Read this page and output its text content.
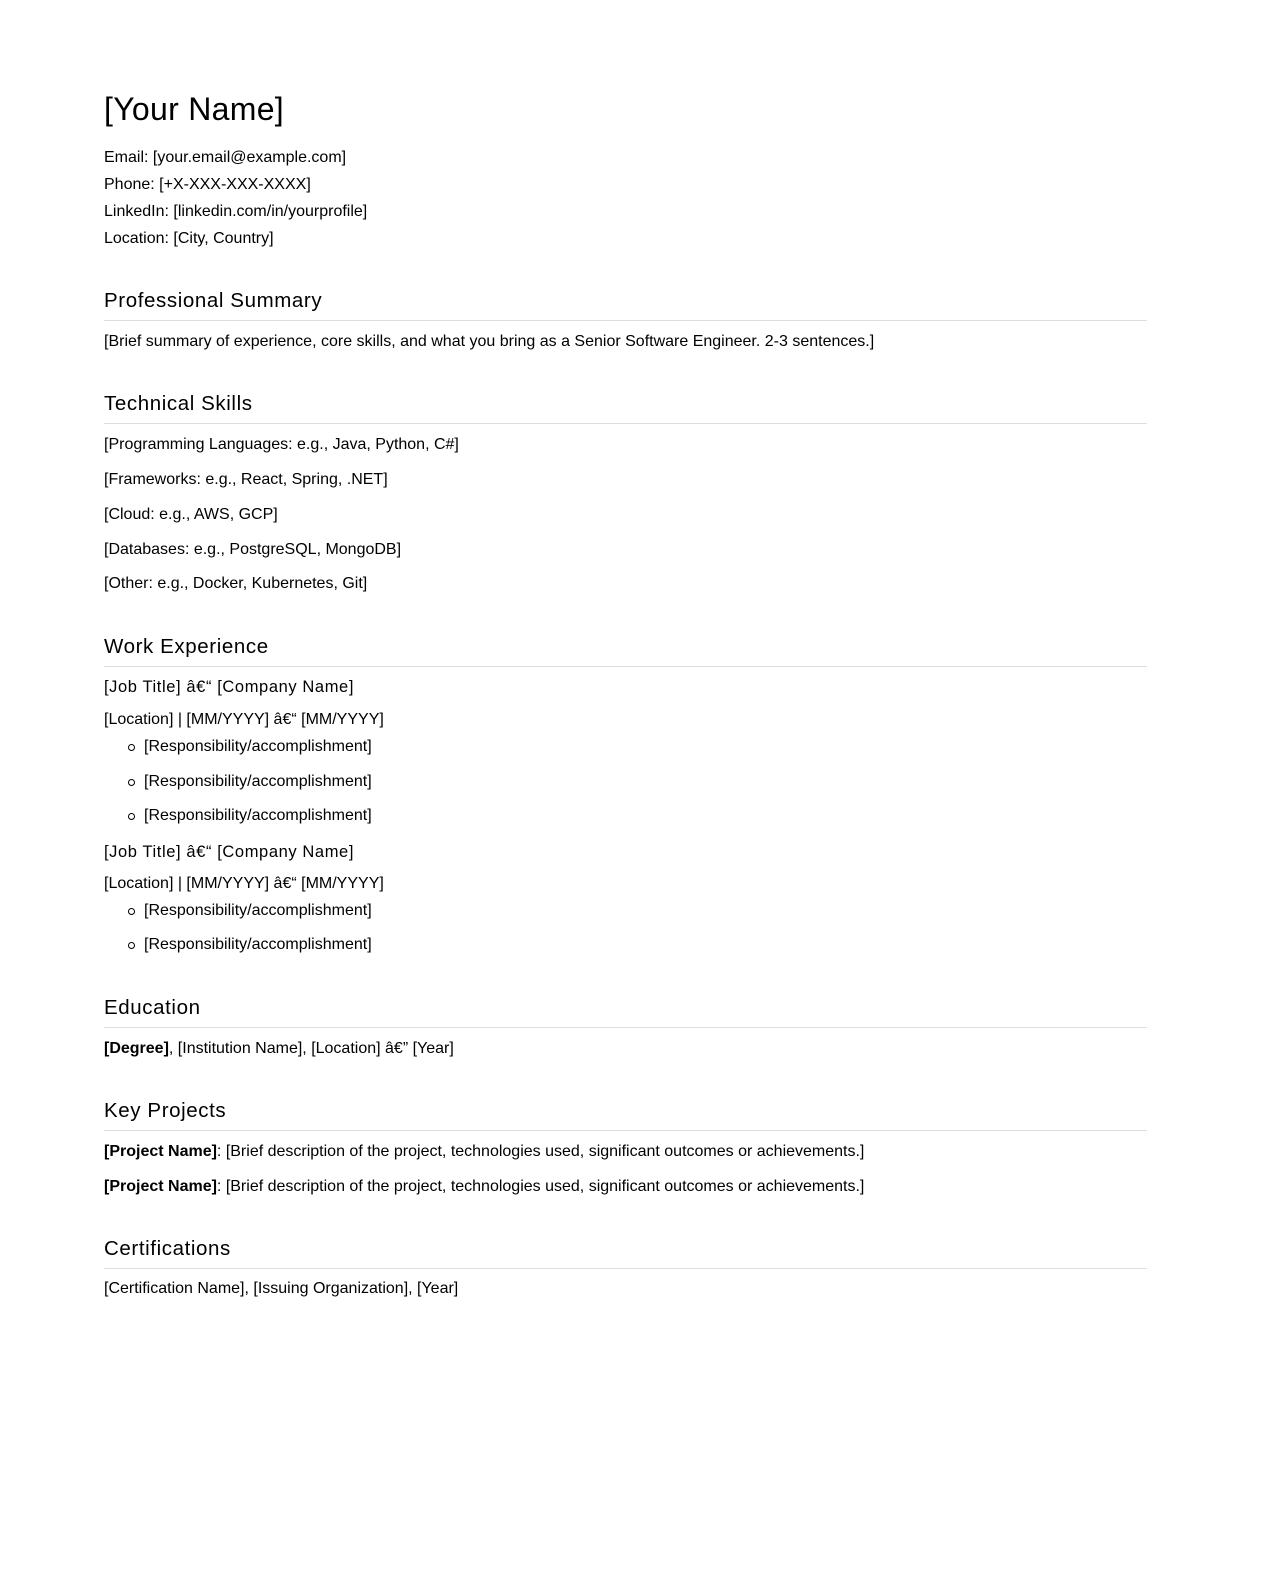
[Your Name]
Email: [your.email@example.com]
Phone: [+X-XXX-XXX-XXXX]
LinkedIn: [linkedin.com/in/yourprofile]
Location: [City, Country]
Professional Summary
[Brief summary of experience, core skills, and what you bring as a Senior Software Engineer. 2-3 sentences.]
Technical Skills
[Programming Languages: e.g., Java, Python, C#]
[Frameworks: e.g., React, Spring, .NET]
[Cloud: e.g., AWS, GCP]
[Databases: e.g., PostgreSQL, MongoDB]
[Other: e.g., Docker, Kubernetes, Git]
Work Experience
[Job Title] â€“ [Company Name]
[Location] | [MM/YYYY] â€“ [MM/YYYY]
[Responsibility/accomplishment]
[Responsibility/accomplishment]
[Responsibility/accomplishment]
[Job Title] â€“ [Company Name]
[Location] | [MM/YYYY] â€“ [MM/YYYY]
[Responsibility/accomplishment]
[Responsibility/accomplishment]
Education
[Degree], [Institution Name], [Location] â€” [Year]
Key Projects
[Project Name]: [Brief description of the project, technologies used, significant outcomes or achievements.]
[Project Name]: [Brief description of the project, technologies used, significant outcomes or achievements.]
Certifications
[Certification Name], [Issuing Organization], [Year]
